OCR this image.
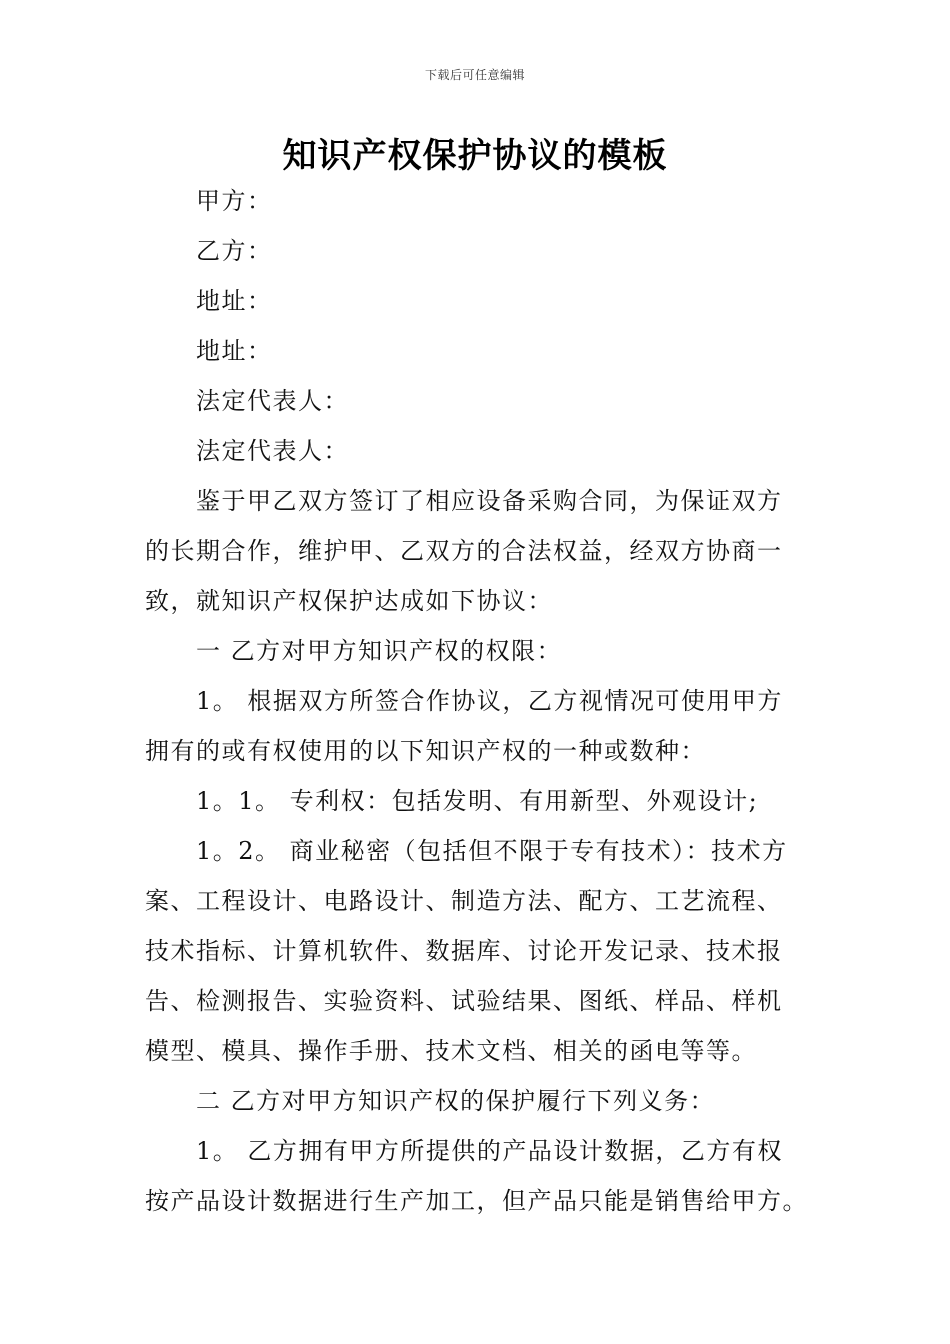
下载后可任意编辑
知识产权保护协议的模板
甲方：
乙方：
地址：
地址：
法定代表人：
法定代表人：
鉴于甲乙双方签订了相应设备采购合同，为保证双方
的长期合作，维护甲、乙双方的合法权益，经双方协商一
致，就知识产权保护达成如下协议：
一 乙方对甲方知识产权的权限：
1。 根据双方所签合作协议，乙方视情况可使用甲方
拥有的或有权使用的以下知识产权的一种或数种：
1。1。 专利权：包括发明、有用新型、外观设计;
1。2。 商业秘密（包括但不限于专有技术）：技术方
案、工程设计、电路设计、制造方法、配方、工艺流程、
技术指标、计算机软件、数据库、讨论开发记录、技术报
告、检测报告、实验资料、试验结果、图纸、样品、样机
模型、模具、操作手册、技术文档、相关的函电等等。
二 乙方对甲方知识产权的保护履行下列义务：
1。 乙方拥有甲方所提供的产品设计数据，乙方有权
按产品设计数据进行生产加工，但产品只能是销售给甲方。
